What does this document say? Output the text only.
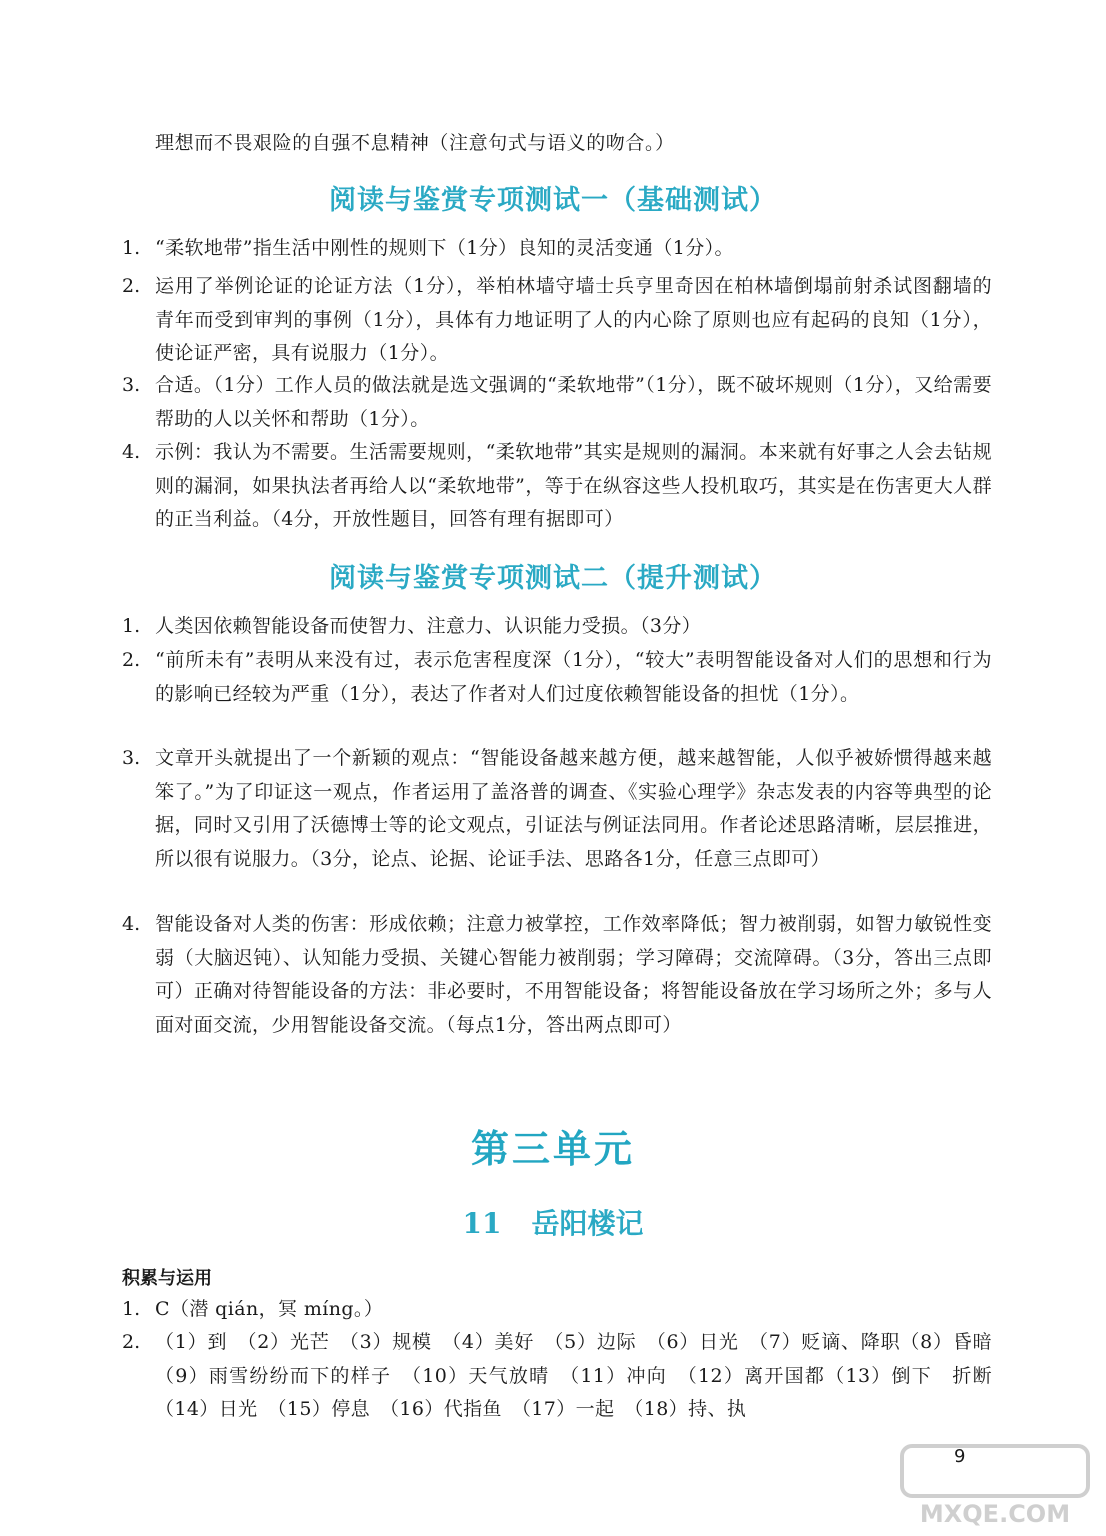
理想而不畏艰险的自强不息精神（注意句式与语义的吻合。）
阅读与鉴赏专项测试一（基础测试）
1. “柔软地带”指生活中刚性的规则下（1分）良知的灵活变通（1分）。
2. 运用了举例论证的论证方法（1分），举柏林墙守墙士兵亨里奇因在柏林墙倒塌前射杀试图翻墙的青年而受到审判的事例（1分），具体有力地证明了人的内心除了原则也应有起码的良知（1分），使论证严密，具有说服力（1分）。
3. 合适。（1分）工作人员的做法就是选文强调的“柔软地带”（1分），既不破坏规则（1分），又给需要帮助的人以关怀和帮助（1分）。
4. 示例：我认为不需要。生活需要规则，“柔软地带”其实是规则的漏洞。本来就有好事之人会去钻规则的漏洞，如果执法者再给人以“柔软地带”，等于在纵容这些人投机取巧，其实是在伤害更大人群的正当利益。（4分，开放性题目，回答有理有据即可）
阅读与鉴赏专项测试二（提升测试）
1. 人类因依赖智能设备而使智力、注意力、认识能力受损。（3分）
2. “前所未有”表明从来没有过，表示危害程度深（1分），“较大”表明智能设备对人们的思想和行为的影响已经较为严重（1分），表达了作者对人们过度依赖智能设备的担忧（1分）。
3. 文章开头就提出了一个新颖的观点：“智能设备越来越方便，越来越智能，人似乎被娇惯得越来越笨了。”为了印证这一观点，作者运用了盖洛普的调查、《实验心理学》杂志发表的内容等典型的论据，同时又引用了沃德博士等的论文观点，引证法与例证法同用。作者论述思路清晰，层层推进，所以很有说服力。（3分，论点、论据、论证手法、思路各1分，任意三点即可）
4. 智能设备对人类的伤害：形成依赖；注意力被掌控，工作效率降低；智力被削弱，如智力敏锐性变弱（大脑迟钝）、认知能力受损、关键心智能力被削弱；学习障碍；交流障碍。（3分，答出三点即可）正确对待智能设备的方法：非必要时，不用智能设备；将智能设备放在学习场所之外；多与人面对面交流，少用智能设备交流。（每点1分，答出两点即可）
第三单元
11 岳阳楼记
积累与运用
1. C（潜 qián，冥 míng。）
2. （1）到　（2）光芒　（3）规模　（4）美好　（5）边际　（6）日光　（7）贬谪、降职（8）昏暗　（9）雨雪纷纷而下的样子　（10）天气放晴　（11）冲向　（12）离开国都（13）倒下　折断　（14）日光　（15）停息　（16）代指鱼　（17）一起　（18）持、执
9
MXQE.COM
